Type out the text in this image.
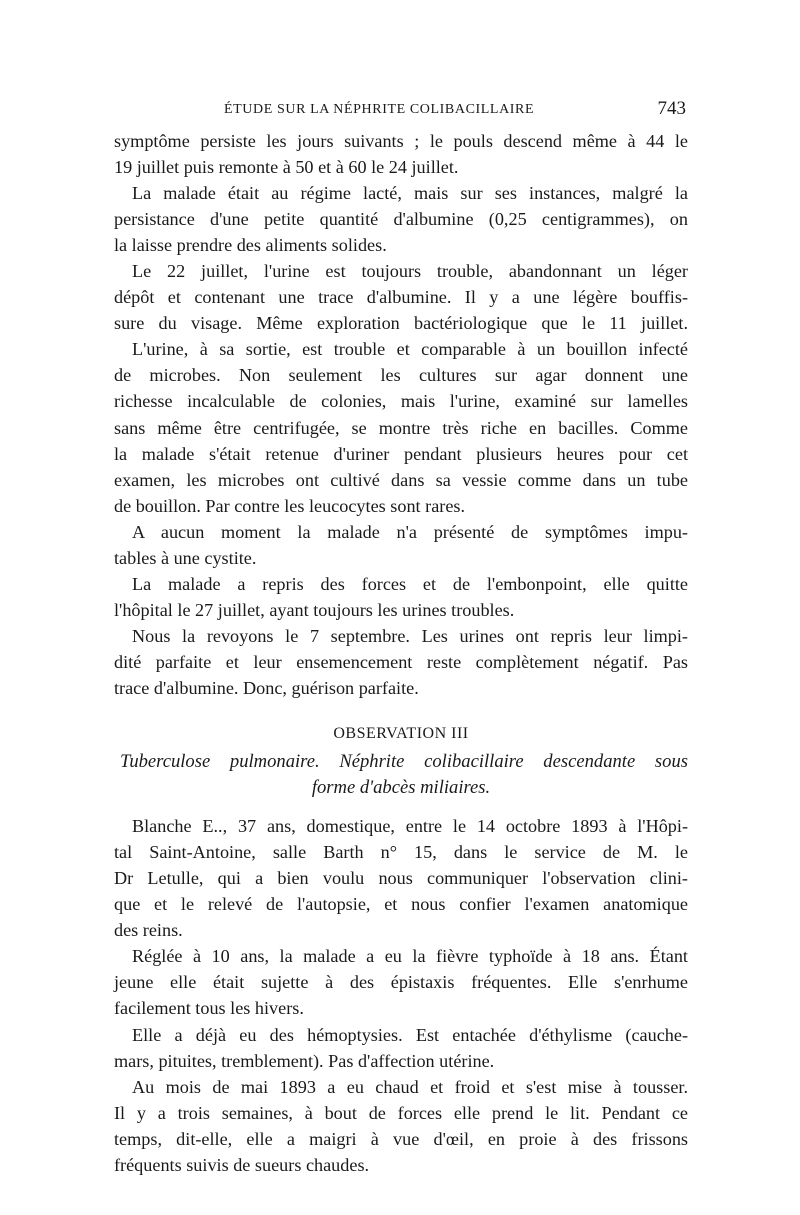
ÉTUDE SUR LA NÉPHRITE COLIBACILLAIRE	743
symptôme persiste les jours suivants ; le pouls descend même à 44 le
19 juillet puis remonte à 50 et à 60 le 24 juillet.
La malade était au régime lacté, mais sur ses instances, malgré la
persistance d'une petite quantité d'albumine (0,25 centigrammes), on
la laisse prendre des aliments solides.
Le 22 juillet, l'urine est toujours trouble, abandonnant un léger
dépôt et contenant une trace d'albumine. Il y a une légère bouffis-
sure du visage. Même exploration bactériologique que le 11 juillet.
L'urine, à sa sortie, est trouble et comparable à un bouillon infecté
de microbes. Non seulement les cultures sur agar donnent une
richesse incalculable de colonies, mais l'urine, examiné sur lamelles
sans même être centrifugée, se montre très riche en bacilles. Comme
la malade s'était retenue d'uriner pendant plusieurs heures pour cet
examen, les microbes ont cultivé dans sa vessie comme dans un tube
de bouillon. Par contre les leucocytes sont rares.
A aucun moment la malade n'a présenté de symptômes impu-
tables à une cystite.
La malade a repris des forces et de l'embonpoint, elle quitte
l'hôpital le 27 juillet, ayant toujours les urines troubles.
Nous la revoyons le 7 septembre. Les urines ont repris leur limpi-
dité parfaite et leur ensemencement reste complètement négatif. Pas
trace d'albumine. Donc, guérison parfaite.
OBSERVATION III
Tuberculose pulmonaire. Néphrite colibacillaire descendante sous
forme d'abcès miliaires.
Blanche E.., 37 ans, domestique, entre le 14 octobre 1893 à l'Hôpi-
tal Saint-Antoine, salle Barth n° 15, dans le service de M. le
Dr Letulle, qui a bien voulu nous communiquer l'observation clini-
que et le relevé de l'autopsie, et nous confier l'examen anatomique
des reins.
Réglée à 10 ans, la malade a eu la fièvre typhoïde à 18 ans. Étant
jeune elle était sujette à des épistaxis fréquentes. Elle s'enrhume
facilement tous les hivers.
Elle a déjà eu des hémoptysies. Est entachée d'éthylisme (cauche-
mars, pituites, tremblement). Pas d'affection utérine.
Au mois de mai 1893 a eu chaud et froid et s'est mise à tousser.
Il y a trois semaines, à bout de forces elle prend le lit. Pendant ce
temps, dit-elle, elle a maigri à vue d'œil, en proie à des frissons
fréquents suivis de sueurs chaudes.
